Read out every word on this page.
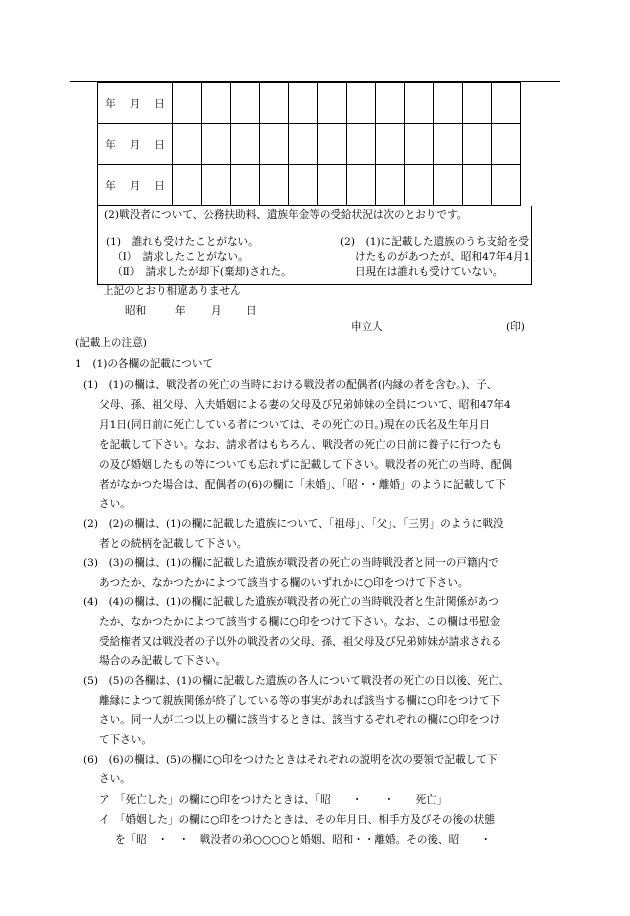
年 月 日												
年 月 日												
年 月 日												
(2)戦没者について、公務扶助料、遺族年金等の受給状況は次のとおりです。
(1)　誰れも受けたことがない。
（Ⅰ）　請求したことがない。
（Ⅱ）　請求したが却下(棄却)された。
(2)　(1)に記載した遺族のうち支給を受
けたものがあつたが、昭和47年4月1
日現在は誰れも受けていない。
上記のとおり相違ありません
昭和	年 月 日
申立人	(印)
(記載上の注意)
1　(1)の各欄の記載について
(1)　(1)の欄は、戦没者の死亡の当時における戦没者の配偶者(内縁の者を含む。)、子、
父母、孫、祖父母、入夫婚姻による妻の父母及び兄弟姉妹の全員について、昭和47年4
月1日(同日前に死亡している者については、その死亡の日。)現在の氏名及生年月日
を記載して下さい。なお、請求者はもちろん、戦没者の死亡の日前に養子に行つたも
の及び婚姻したもの等についても忘れずに記載して下さい。戦没者の死亡の当時、配偶
者がなかつた場合は、配偶者の(6)の欄に「未婚」、「昭・・離婚」のように記載して下
さい。
(2)　(2)の欄は、(1)の欄に記載した遺族について、「祖母」、「父」、「三男」のように戦没
者との続柄を記載して下さい。
(3)　(3)の欄は、(1)の欄に記載した遺族が戦没者の死亡の当時戦没者と同一の戸籍内で
あつたか、なかつたかによつて該当する欄のいずれかに○印をつけて下さい。
(4)　(4)の欄は、(1)の欄に記載した遺族が戦没者の死亡の当時戦没者と生計関係があつ
たか、なかつたかによつて該当する欄に○印をつけて下さい。なお、この欄は弔慰金
受給権者又は戦没者の子以外の戦没者の父母、孫、祖父母及び兄弟姉妹が請求される
場合のみ記載して下さい。
(5)　(5)の各欄は、(1)の欄に記載した遺族の各人について戦没者の死亡の日以後、死亡、
離縁によつて親族関係が終了している等の事実があれば該当する欄に○印をつけて下
さい。同一人が二つ以上の欄に該当するときは、該当するぞれぞれの欄に○印をつけ
て下さい。
(6)　(6)の欄は、(5)の欄に○印をつけたときはそれぞれの説明を次の要領で記載して下
さい。
ア　「死亡した」の欄に○印をつけたときは、「昭　　・　　・　　死亡」
イ　「婚姻した」の欄に○印をつけたときは、その年月日、相手方及びその後の状態
を「昭　・　・　戦没者の弟○○○○と婚姻、昭和・・離婚。その後、昭　　・
